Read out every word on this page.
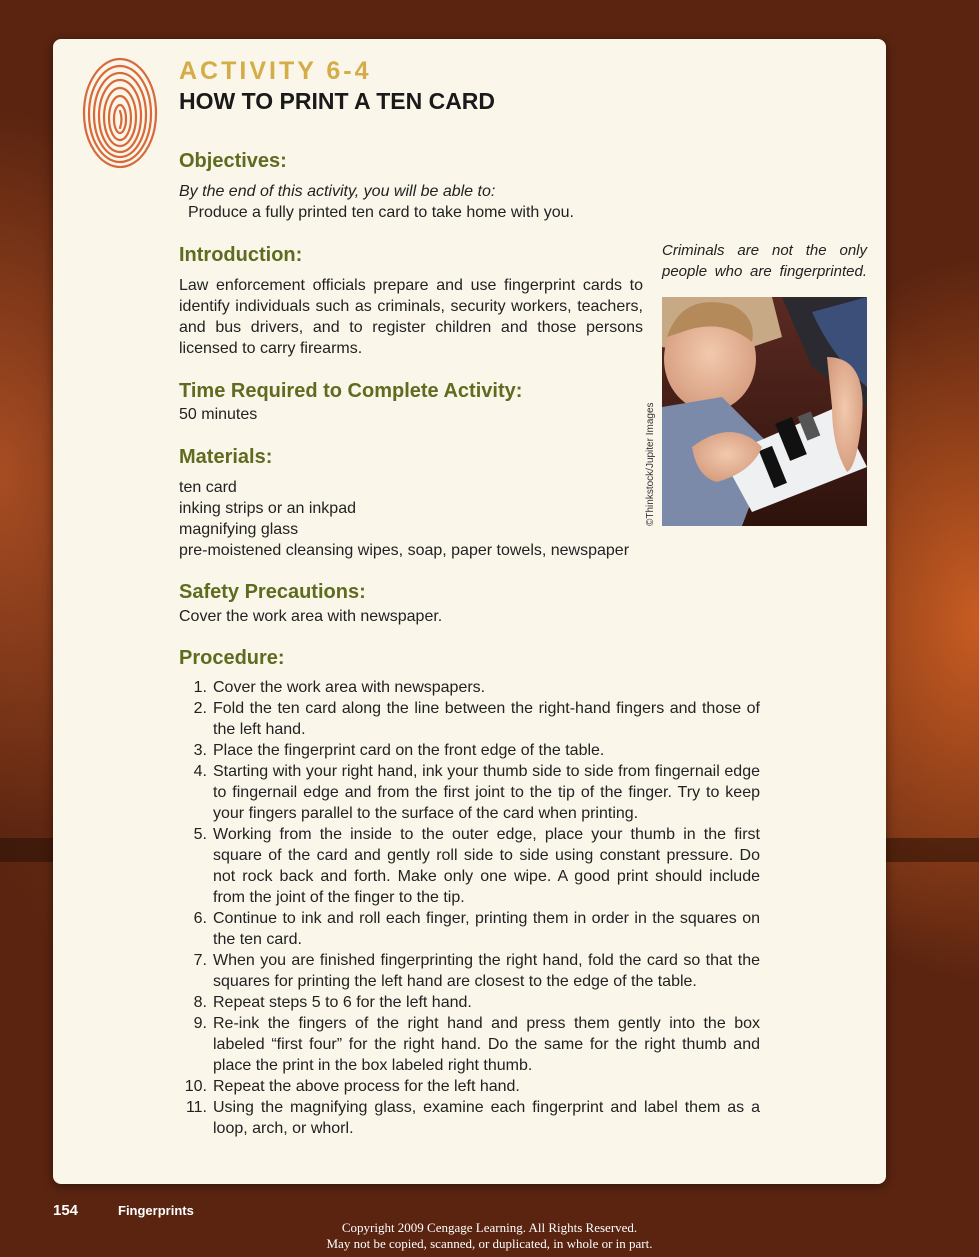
ACTIVITY 6-4
HOW TO PRINT A TEN CARD
Objectives:
By the end of this activity, you will be able to:
Produce a fully printed ten card to take home with you.
Introduction:
Law enforcement officials prepare and use fingerprint cards to identify individuals such as criminals, security workers, teachers, and bus drivers, and to register children and those persons licensed to carry firearms.
Criminals are not the only people who are fingerprinted.
©Thinkstock/Jupiter Images
Time Required to Complete Activity:
50 minutes
Materials:
ten card
inking strips or an inkpad
magnifying glass
pre-moistened cleansing wipes, soap, paper towels, newspaper
Safety Precautions:
Cover the work area with newspaper.
Procedure:
1. Cover the work area with newspapers.
2. Fold the ten card along the line between the right-hand fingers and those of the left hand.
3. Place the fingerprint card on the front edge of the table.
4. Starting with your right hand, ink your thumb side to side from fingernail edge to fingernail edge and from the first joint to the tip of the finger. Try to keep your fingers parallel to the surface of the card when printing.
5. Working from the inside to the outer edge, place your thumb in the first square of the card and gently roll side to side using constant pressure. Do not rock back and forth. Make only one wipe. A good print should include from the joint of the finger to the tip.
6. Continue to ink and roll each finger, printing them in order in the squares on the ten card.
7. When you are finished fingerprinting the right hand, fold the card so that the squares for printing the left hand are closest to the edge of the table.
8. Repeat steps 5 to 6 for the left hand.
9. Re-ink the fingers of the right hand and press them gently into the box labeled “first four” for the right hand. Do the same for the right thumb and place the print in the box labeled right thumb.
10. Repeat the above process for the left hand.
11. Using the magnifying glass, examine each fingerprint and label them as a loop, arch, or whorl.
154	Fingerprints
Copyright 2009 Cengage Learning. All Rights Reserved.
May not be copied, scanned, or duplicated, in whole or in part.
